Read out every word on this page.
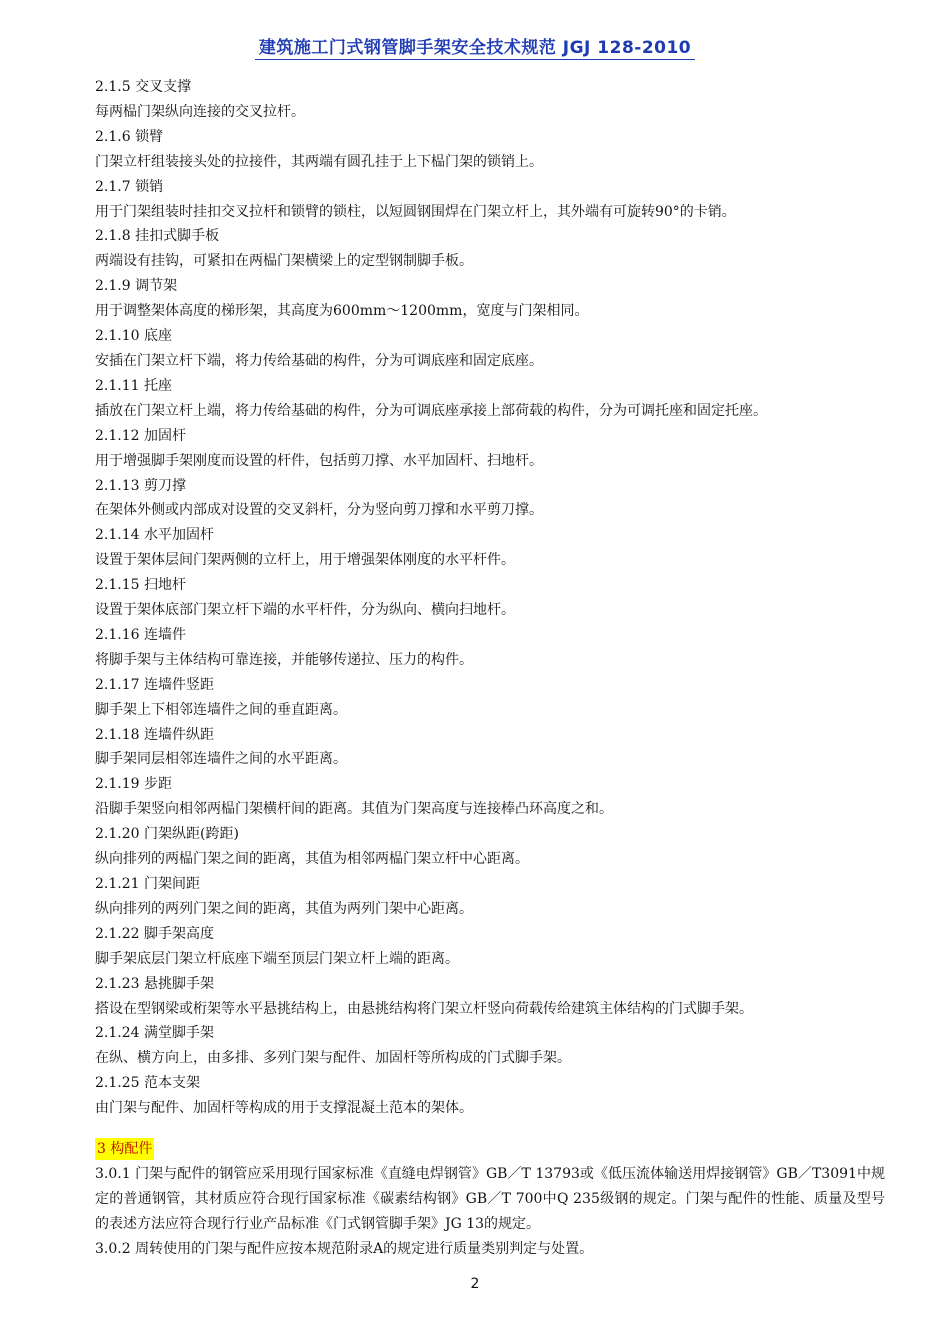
建筑施工门式钢管脚手架安全技术规范 JGJ 128-2010
2.1.5 交叉支撑
每两榀门架纵向连接的交叉拉杆。
2.1.6 锁臂
门架立杆组装接头处的拉接件，其两端有圆孔挂于上下榀门架的锁销上。
2.1.7 锁销
用于门架组装时挂扣交叉拉杆和锁臂的锁柱，以短圆钢围焊在门架立杆上，其外端有可旋转90°的卡销。
2.1.8 挂扣式脚手板
两端设有挂钩，可紧扣在两榀门架横梁上的定型钢制脚手板。
2.1.9 调节架
用于调整架体高度的梯形架，其高度为600mm～1200mm，宽度与门架相同。
2.1.10 底座
安插在门架立杆下端，将力传给基础的构件，分为可调底座和固定底座。
2.1.11 托座
插放在门架立杆上端，将力传给基础的构件，分为可调底座承接上部荷载的构件，分为可调托座和固定托座。
2.1.12 加固杆
用于增强脚手架刚度而设置的杆件，包括剪刀撑、水平加固杆、扫地杆。
2.1.13 剪刀撑
在架体外侧或内部成对设置的交叉斜杆，分为竖向剪刀撑和水平剪刀撑。
2.1.14 水平加固杆
设置于架体层间门架两侧的立杆上，用于增强架体刚度的水平杆件。
2.1.15 扫地杆
设置于架体底部门架立杆下端的水平杆件，分为纵向、横向扫地杆。
2.1.16 连墙件
将脚手架与主体结构可靠连接，并能够传递拉、压力的构件。
2.1.17 连墙件竖距
脚手架上下相邻连墙件之间的垂直距离。
2.1.18 连墙件纵距
脚手架同层相邻连墙件之间的水平距离。
2.1.19 步距
沿脚手架竖向相邻两榀门架横杆间的距离。其值为门架高度与连接棒凸环高度之和。
2.1.20 门架纵距(跨距)
纵向排列的两榀门架之间的距离，其值为相邻两榀门架立杆中心距离。
2.1.21 门架间距
纵向排列的两列门架之间的距离，其值为两列门架中心距离。
2.1.22 脚手架高度
脚手架底层门架立杆底座下端至顶层门架立杆上端的距离。
2.1.23 悬挑脚手架
搭设在型钢梁或桁架等水平悬挑结构上，由悬挑结构将门架立杆竖向荷载传给建筑主体结构的门式脚手架。
2.1.24 满堂脚手架
在纵、横方向上，由多排、多列门架与配件、加固杆等所构成的门式脚手架。
2.1.25 范本支架
由门架与配件、加固杆等构成的用于支撑混凝土范本的架体。
3 构配件
3.0.1 门架与配件的钢管应采用现行国家标准《直缝电焊钢管》GB／T 13793或《低压流体输送用焊接钢管》GB／T3091中规定的普通钢管，其材质应符合现行国家标准《碳素结构钢》GB／T 700中Q 235级钢的规定。门架与配件的性能、质量及型号的表述方法应符合现行行业产品标准《门式钢管脚手架》JG 13的规定。
3.0.2 周转使用的门架与配件应按本规范附录A的规定进行质量类别判定与处置。
2
